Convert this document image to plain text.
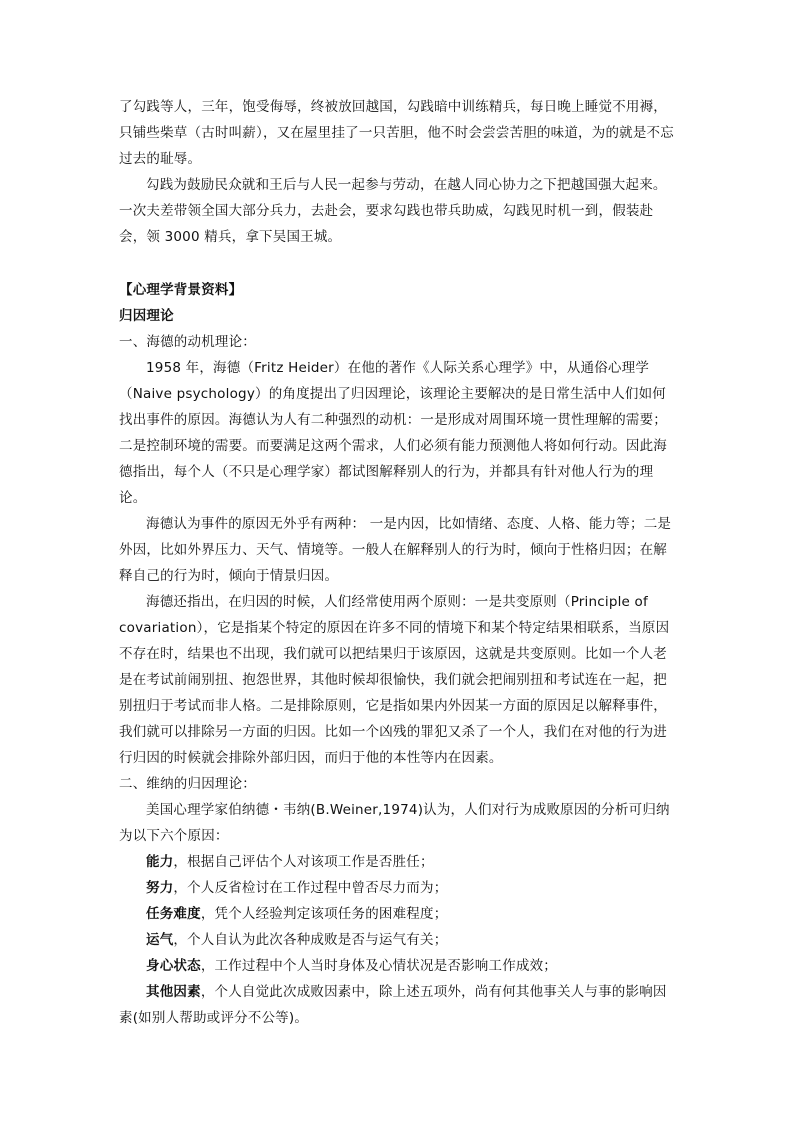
了勾践等人，三年，饱受侮辱，终被放回越国，勾践暗中训练精兵，每日晚上睡觉不用褥，只铺些柴草（古时叫薪），又在屋里挂了一只苦胆，他不时会尝尝苦胆的味道，为的就是不忘过去的耻辱。

勾践为鼓励民众就和王后与人民一起参与劳动，在越人同心协力之下把越国强大起来。一次夫差带领全国大部分兵力，去赴会，要求勾践也带兵助威，勾践见时机一到，假装赴会，领 3000 精兵，拿下吴国王城。

【心理学背景资料】

归因理论

一、海德的动机理论：

1958 年，海德（Fritz Heider）在他的著作《人际关系心理学》中，从通俗心理学（Naive psychology）的角度提出了归因理论，该理论主要解决的是日常生活中人们如何找出事件的原因。海德认为人有二种强烈的动机：一是形成对周围环境一贯性理解的需要；二是控制环境的需要。而要满足这两个需求，人们必须有能力预测他人将如何行动。因此海德指出，每个人（不只是心理学家）都试图解释别人的行为，并都具有针对他人行为的理论。

海德认为事件的原因无外乎有两种： 一是内因，比如情绪、态度、人格、能力等；二是外因，比如外界压力、天气、情境等。一般人在解释别人的行为时，倾向于性格归因；在解释自己的行为时，倾向于情景归因。

海德还指出，在归因的时候，人们经常使用两个原则：一是共变原则（Principle of covariation），它是指某个特定的原因在许多不同的情境下和某个特定结果相联系，当原因不存在时，结果也不出现，我们就可以把结果归于该原因，这就是共变原则。比如一个人老是在考试前闹别扭、抱怨世界，其他时候却很愉快，我们就会把闹别扭和考试连在一起，把别扭归于考试而非人格。二是排除原则，它是指如果内外因某一方面的原因足以解释事件，我们就可以排除另一方面的归因。比如一个凶残的罪犯又杀了一个人，我们在对他的行为进行归因的时候就会排除外部归因，而归于他的本性等内在因素。

二、维纳的归因理论：

美国心理学家伯纳德・韦纳(B.Weiner,1974)认为，人们对行为成败原因的分析可归纳为以下六个原因：

能力，根据自己评估个人对该项工作是否胜任；

努力，个人反省检讨在工作过程中曾否尽力而为；

任务难度，凭个人经验判定该项任务的困难程度；

运气，个人自认为此次各种成败是否与运气有关；

身心状态，工作过程中个人当时身体及心情状况是否影响工作成效；

其他因素，个人自觉此次成败因素中，除上述五项外，尚有何其他事关人与事的影响因素(如别人帮助或评分不公等)。
